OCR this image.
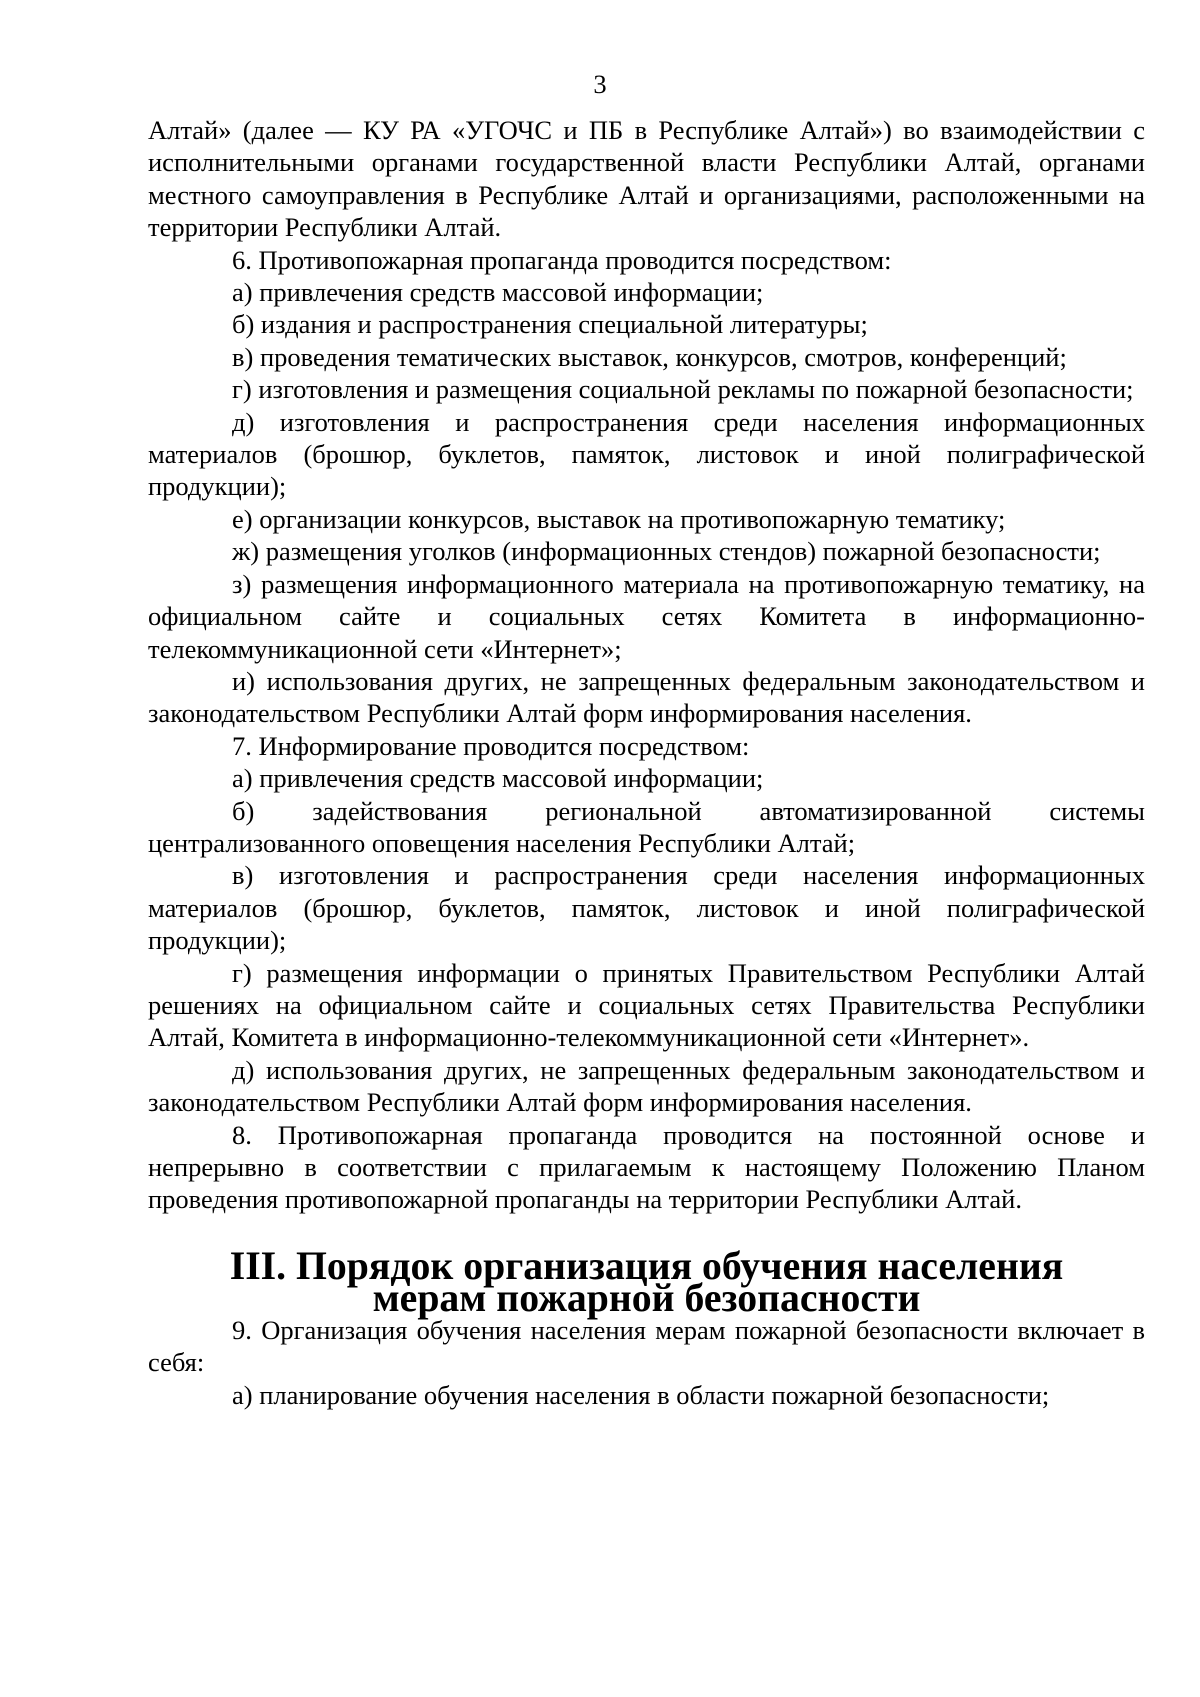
3

Алтай» (далее — КУ РА «УГОЧС и ПБ в Республике Алтай») во взаимодействии с исполнительными органами государственной власти Республики Алтай, органами местного самоуправления в Республике Алтай и организациями, расположенными на территории Республики Алтай.

6. Противопожарная пропаганда проводится посредством:

а) привлечения средств массовой информации;

б) издания и распространения специальной литературы;

в) проведения тематических выставок, конкурсов, смотров, конференций;

г) изготовления и размещения социальной рекламы по пожарной безопасности;

д) изготовления и распространения среди населения информационных материалов (брошюр, буклетов, памяток, листовок и иной полиграфической продукции);

е) организации конкурсов, выставок на противопожарную тематику;

ж) размещения уголков (информационных стендов) пожарной безопасности;

з) размещения информационного материала на противопожарную тематику, на официальном сайте и социальных сетях Комитета в информационно-телекоммуникационной сети «Интернет»;

и) использования других, не запрещенных федеральным законодательством и законодательством Республики Алтай форм информирования населения.

7. Информирование проводится посредством:

а) привлечения средств массовой информации;

б) задействования региональной автоматизированной системы централизованного оповещения населения Республики Алтай;

в) изготовления и распространения среди населения информационных материалов (брошюр, буклетов, памяток, листовок и иной полиграфической продукции);

г) размещения информации о принятых Правительством Республики Алтай решениях на официальном сайте и социальных сетях Правительства Республики Алтай, Комитета в информационно-телекоммуникационной сети «Интернет».

д) использования других, не запрещенных федеральным законодательством и законодательством Республики Алтай форм информирования населения.

8. Противопожарная пропаганда проводится на постоянной основе и непрерывно в соответствии с прилагаемым к настоящему Положению Планом проведения противопожарной пропаганды на территории Республики Алтай.

III. Порядок организация обучения населения мерам пожарной безопасности

9. Организация обучения населения мерам пожарной безопасности включает в себя:

а) планирование обучения населения в области пожарной безопасности;
